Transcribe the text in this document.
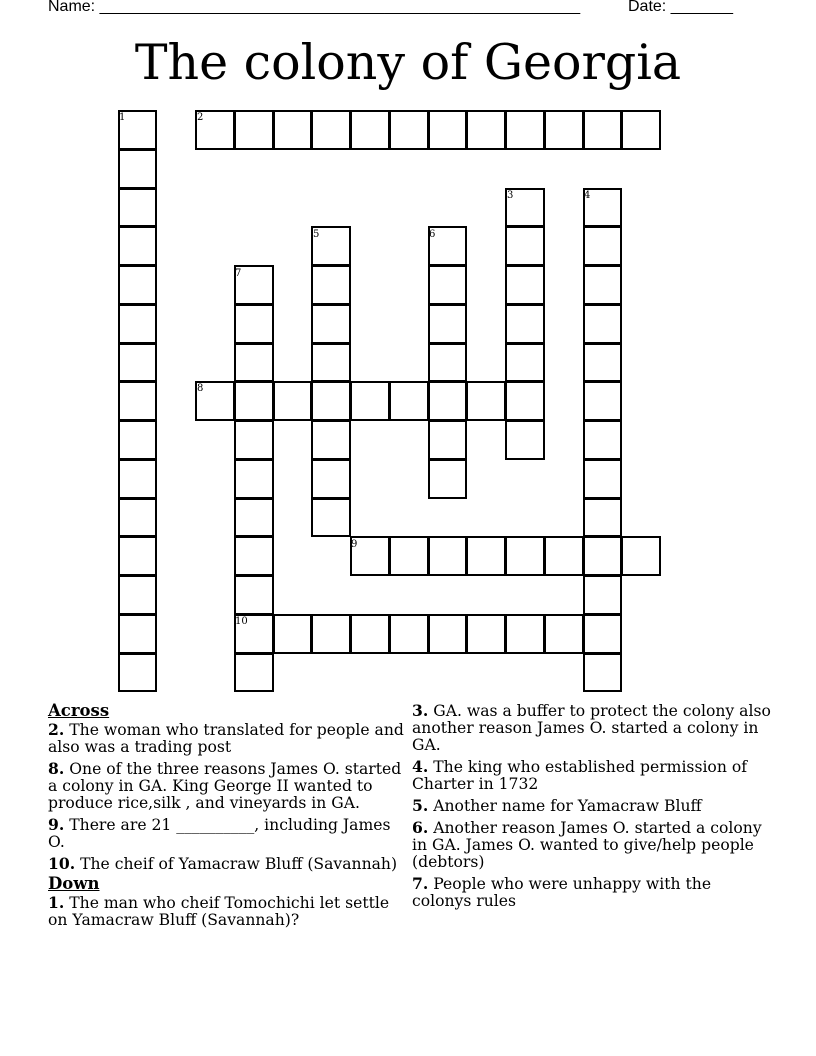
Name: ______________________________________________________	Date: _______
The colony of Georgia
1	2
3	4
5	6
7
8
9
10

Across

2. The woman who translated for people and also was a trading post

8. One of the three reasons James O. started a colony in GA. King George II wanted to produce rice,silk , and vineyards in GA.

9. There are 21 __________, including James O.

10. The cheif of Yamacraw Bluff (Savannah)

Down

1. The man who cheif Tomochichi let settle on Yamacraw Bluff (Savannah)?

3. GA. was a buffer to protect the colony also another reason James O. started a colony in GA.

4. The king who established permission of Charter in 1732

5. Another name for Yamacraw Bluff

6. Another reason James O. started a colony in GA. James O. wanted to give/help people (debtors)

7. People who were unhappy with the colonys rules
